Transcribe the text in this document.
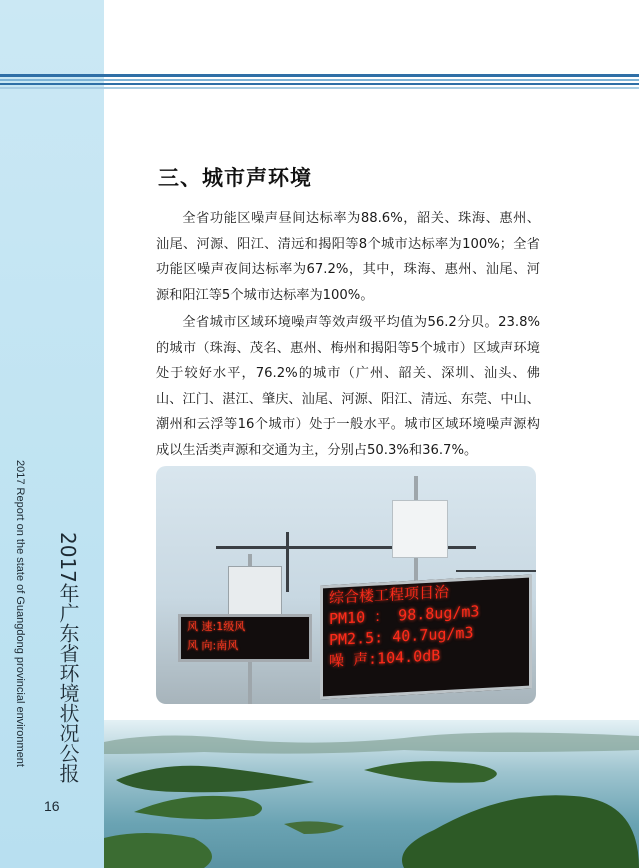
2017 Report on the state of Guangdong provincial environment 2017年广东省环境状况公报
16
三、城市声环境

全省功能区噪声昼间达标率为88.6%，韶关、珠海、惠州、汕尾、河源、阳江、清远和揭阳等8个城市达标率为100%；全省功能区噪声夜间达标率为67.2%，其中，珠海、惠州、汕尾、河源和阳江等5个城市达标率为100%。

全省城市区域环境噪声等效声级平均值为56.2分贝。23.8%的城市（珠海、茂名、惠州、梅州和揭阳等5个城市）区域声环境处于较好水平，76.2%的城市（广州、韶关、深圳、汕头、佛山、江门、湛江、肇庆、汕尾、河源、阳江、清远、东莞、中山、潮州和云浮等16个城市）处于一般水平。城市区域环境噪声源构成以生活类声源和交通为主，分别占50.3%和36.7%。

风 速:1级风
风 向:南风
综合楼工程项目治
PM10 ： 98.8ug/m3
PM2.5: 40.7ug/m3
噪 声:104.0dB
